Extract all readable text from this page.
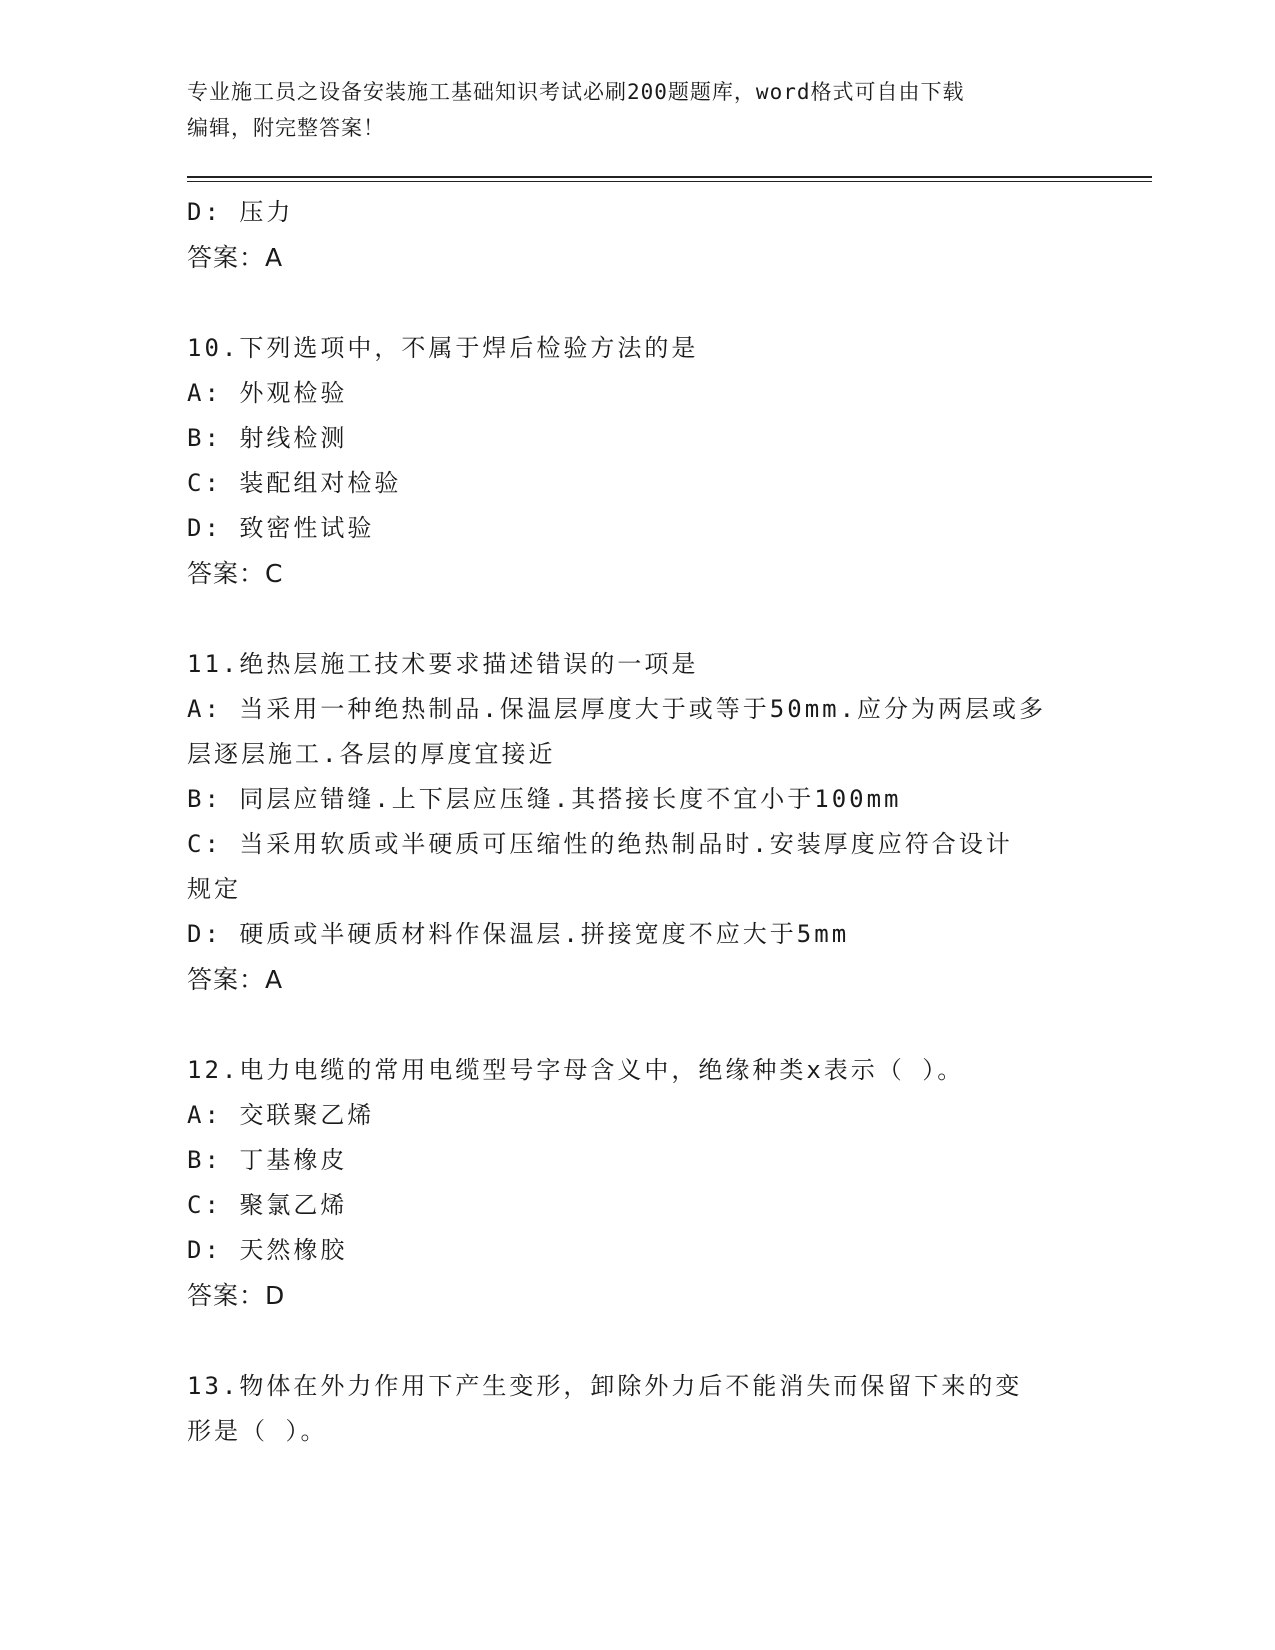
专业施工员之设备安装施工基础知识考试必刷200题题库，word格式可自由下载
编辑，附完整答案！
D: 压力
答案：A
10.下列选项中，不属于焊后检验方法的是
A: 外观检验
B: 射线检测
C: 装配组对检验
D: 致密性试验
答案：C
11.绝热层施工技术要求描述错误的一项是
A: 当采用一种绝热制品.保温层厚度大于或等于50mm.应分为两层或多
层逐层施工.各层的厚度宜接近
B: 同层应错缝.上下层应压缝.其搭接长度不宜小于100mm
C: 当采用软质或半硬质可压缩性的绝热制品时.安装厚度应符合设计
规定
D: 硬质或半硬质材料作保温层.拼接宽度不应大于5mm
答案：A
12.电力电缆的常用电缆型号字母含义中，绝缘种类x表示（ ）。
A: 交联聚乙烯
B: 丁基橡皮
C: 聚氯乙烯
D: 天然橡胶
答案：D
13.物体在外力作用下产生变形，卸除外力后不能消失而保留下来的变
形是（ ）。
